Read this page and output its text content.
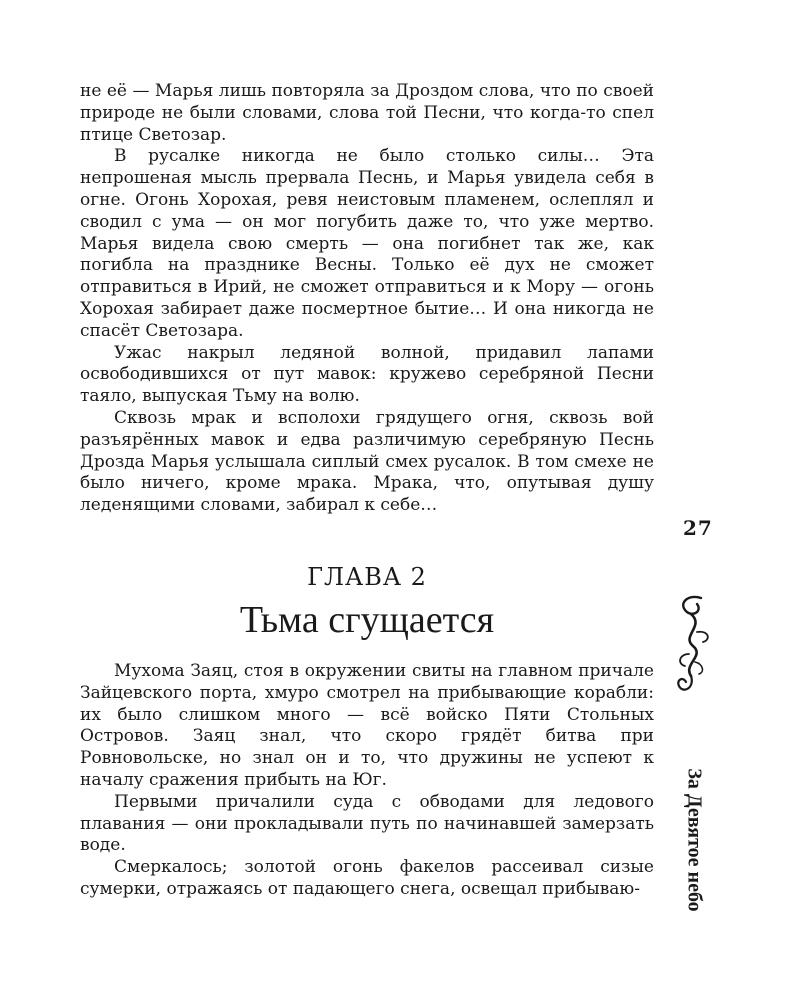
не её — Марья лишь повторяла за Дроздом слова, что по своей природе не были словами, слова той Песни, что когда-то спел птице Светозар.

В русалке никогда не было столько силы… Эта непрошеная мысль прервала Песнь, и Марья увидела себя в огне. Огонь Хорохая, ревя неистовым пламенем, ослеплял и сводил с ума — он мог погубить даже то, что уже мертво. Марья видела свою смерть — она погибнет так же, как погибла на празднике Весны. Только её дух не сможет отправиться в Ирий, не сможет отправиться и к Мору — огонь Хорохая забирает даже посмертное бытие… И она никогда не спасёт Светозара.

Ужас накрыл ледяной волной, придавил лапами освободившихся от пут мавок: кружево серебряной Песни таяло, выпуская Тьму на волю.

Сквозь мрак и всполохи грядущего огня, сквозь вой разъярённых мавок и едва различимую серебряную Песнь Дрозда Марья услышала сиплый смех русалок. В том смехе не было ничего, кроме мрака. Мрака, что, опутывая душу леденящими словами, забирал к себе…

27
ГЛАВА 2
Тьма сгущается

Мухома Заяц, стоя в окружении свиты на главном причале Зайцевского порта, хмуро смотрел на прибывающие корабли: их было слишком много — всё войско Пяти Стольных Островов. Заяц знал, что скоро грядёт битва при Ровновольске, но знал он и то, что дружины не успеют к началу сражения прибыть на Юг.

Первыми причалили суда с обводами для ледового плавания — они прокладывали путь по начинавшей замерзать воде.

Смеркалось; золотой огонь факелов рассеивал сизые сумерки, отражаясь от падающего снега, освещал прибываю-	За Девятое небо
